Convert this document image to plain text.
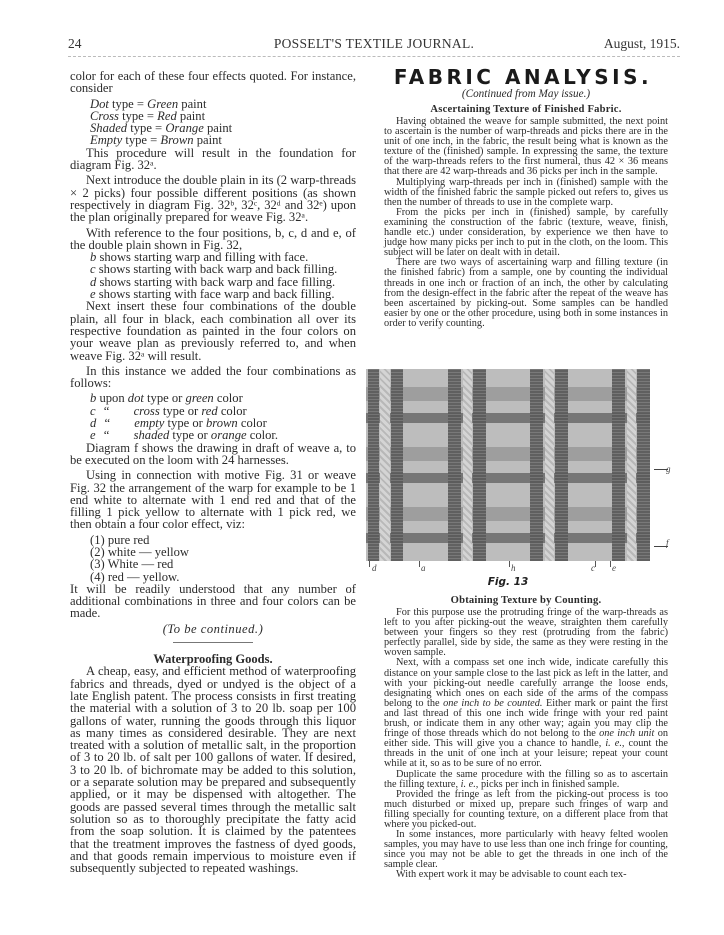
24	POSSELT'S TEXTILE JOURNAL.	August, 1915.

color for each of these four effects quoted. For instance, consider

Dot type = Green paint

Cross type = Red paint

Shaded type = Orange paint

Empty type = Brown paint

This procedure will result in the foundation for diagram Fig. 32ᵃ.

Next introduce the double plain in its (2 warp-threads × 2 picks) four possible different positions (as shown respectively in diagram Fig. 32ᵇ, 32ᶜ, 32ᵈ and 32ᵉ) upon the plan originally prepared for weave Fig. 32ᵃ.

With reference to the four positions, b, c, d and e, of the double plain shown in Fig. 32,

b shows starting warp and filling with face.

c shows starting with back warp and back filling.

d shows starting with back warp and face filling.

e shows starting with face warp and back filling.

Next insert these four combinations of the double plain, all four in black, each combination all over its respective foundation as painted in the four colors on your weave plan as previously referred to, and when weave Fig. 32ᵃ will result.

In this instance we added the four combinations as follows:

b upon dot type or green color

c “ cross type or red color

d “ empty type or brown color

e “ shaded type or orange color.

Diagram f shows the drawing in draft of weave a, to be executed on the loom with 24 harnesses.

Using in connection with motive Fig. 31 or weave Fig. 32 the arrangement of the warp for example to be 1 end white to alternate with 1 end red and that of the filling 1 pick yellow to alternate with 1 pick red, we then obtain a four color effect, viz:

(1) pure red

(2) white — yellow

(3) White — red

(4) red — yellow.

It will be readily understood that any number of additional combinations in three and four colors can be made.

(To be continued.)

Waterproofing Goods.

A cheap, easy, and efficient method of waterproofing fabrics and threads, dyed or undyed is the object of a late English patent. The process consists in first treating the material with a solution of 3 to 20 lb. soap per 100 gallons of water, running the goods through this liquor as many times as considered desirable. They are next treated with a solution of metallic salt, in the proportion of 3 to 20 lb. of salt per 100 gallons of water. If desired, 3 to 20 lb. of bichromate may be added to this solution, or a separate solution may be prepared and subsequently applied, or it may be dispensed with altogether. The goods are passed several times through the metallic salt solution so as to thoroughly precipitate the fatty acid from the soap solution. It is claimed by the patentees that the treatment improves the fastness of dyed goods, and that goods remain impervious to moisture even if subsequently subjected to repeated washings.

FABRIC ANALYSIS.
(Continued from May issue.)
Ascertaining Texture of Finished Fabric.

Having obtained the weave for sample submitted, the next point to ascertain is the number of warp-threads and picks there are in the unit of one inch, in the fabric, the result being what is known as the texture of the (finished) sample. In expressing the same, the texture of the warp-threads refers to the first numeral, thus 42 × 36 means that there are 42 warp-threads and 36 picks per inch in the sample.

Multiplying warp-threads per inch in (finished) sample with the width of the finished fabric the sample picked out refers to, gives us then the number of threads to use in the complete warp.

From the picks per inch in (finished) sample, by carefully examining the construction of the fabric (texture, weave, finish, handle etc.) under consideration, by experience we then have to judge how many picks per inch to put in the cloth, on the loom. This subject will be later on dealt with in detail.

There are two ways of ascertaining warp and filling texture (in the finished fabric) from a sample, one by counting the individual threads in one inch or fraction of an inch, the other by calculating from the design-effect in the fabric after the repeat of the weave has been ascertained by picking-out. Some samples can be handled easier by one or the other procedure, using both in some instances in order to verify counting.

g
f
d	a	h	c e
Fig. 13
Obtaining Texture by Counting.

For this purpose use the protruding fringe of the warp-threads as left to you after picking-out the weave, straighten them carefully between your fingers so they rest (protruding from the fabric) perfectly parallel, side by side, the same as they were resting in the woven sample.

Next, with a compass set one inch wide, indicate carefully this distance on your sample close to the last pick as left in the latter, and with your picking-out needle carefully arrange the loose ends, designating which ones on each side of the arms of the compass belong to the one inch to be counted. Either mark or paint the first and last thread of this one inch wide fringe with your red paint brush, or indicate them in any other way; again you may clip the fringe of those threads which do not belong to the one inch unit on either side. This will give you a chance to handle, i. e., count the threads in the unit of one inch at your leisure; repeat your count while at it, so as to be sure of no error.

Duplicate the same procedure with the filling so as to ascertain the filling texture, i. e., picks per inch in finished sample.

Provided the fringe as left from the picking-out process is too much disturbed or mixed up, prepare such fringes of warp and filling specially for counting texture, on a different place from that where you picked-out.

In some instances, more particularly with heavy felted woolen samples, you may have to use less than one inch fringe for counting, since you may not be able to get the threads in one inch of the sample clear.

With expert work it may be advisable to count each tex-
